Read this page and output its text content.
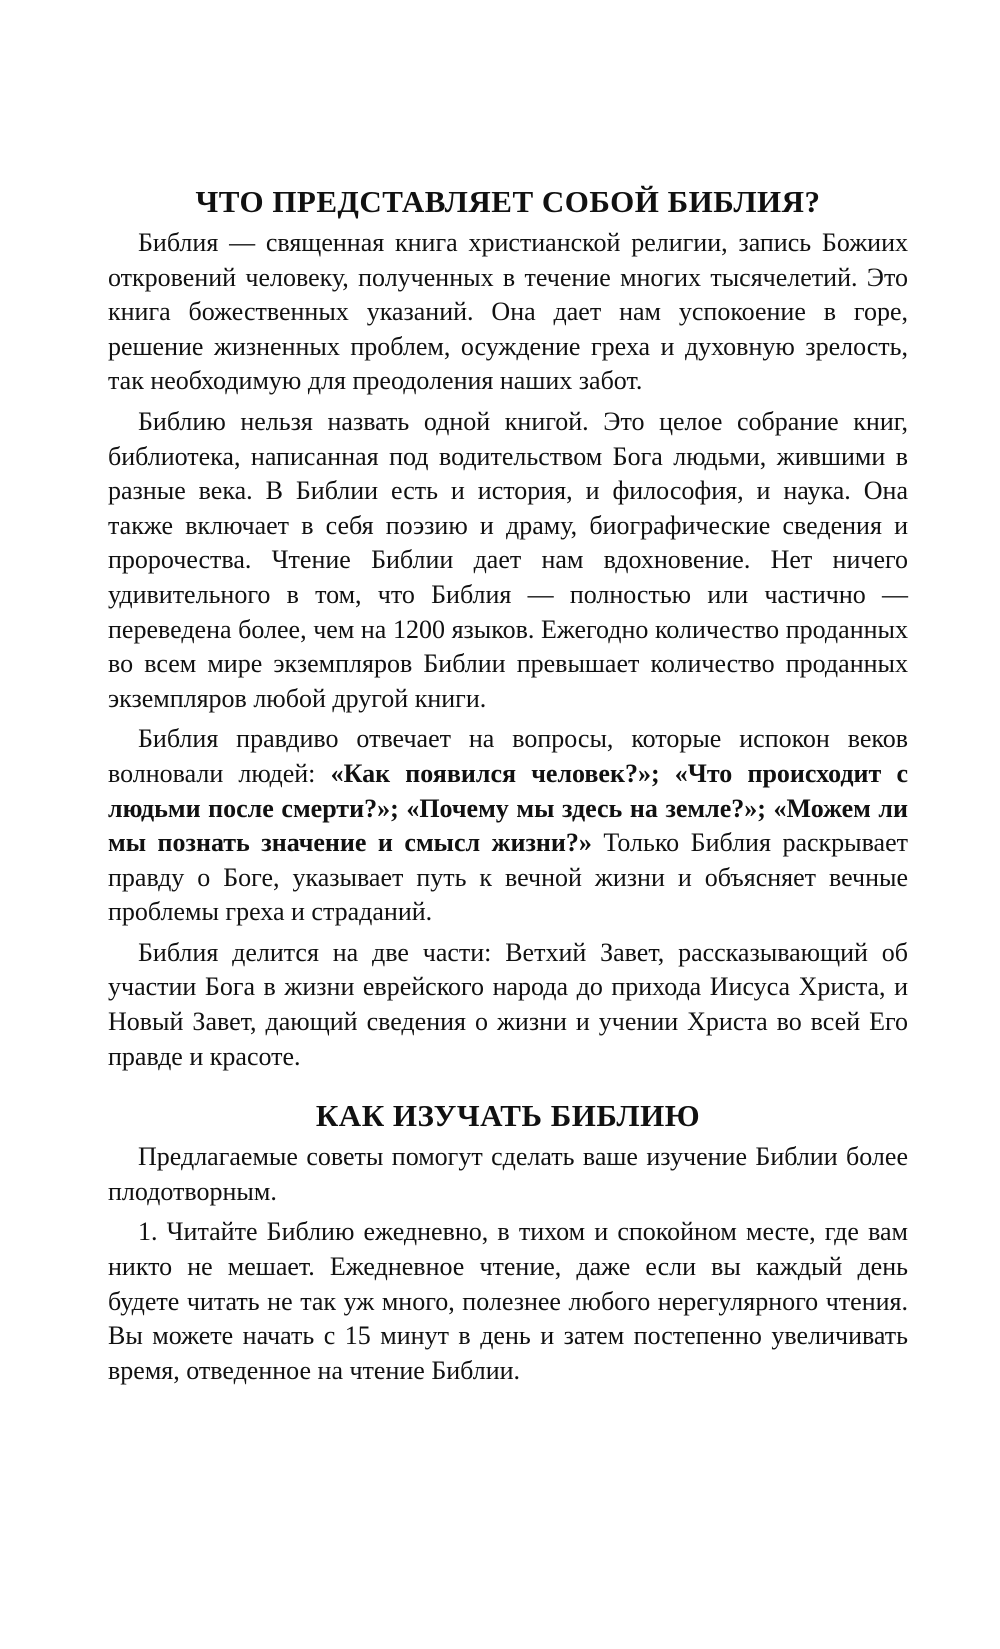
ЧТО ПРЕДСТАВЛЯЕТ СОБОЙ БИБЛИЯ?

Библия — священная книга христианской религии, запись Божиих откровений человеку, полученных в течение многих тысячелетий. Это книга божественных указаний. Она дает нам успокоение в горе, решение жизненных проблем, осуждение греха и духовную зрелость, так необходимую для преодоления наших забот.

Библию нельзя назвать одной книгой. Это целое собрание книг, библиотека, написанная под водительством Бога людьми, жившими в разные века. В Библии есть и история, и философия, и наука. Она также включает в себя поэзию и драму, биографические сведения и пророчества. Чтение Библии дает нам вдохновение. Нет ничего удивительного в том, что Библия — полностью или частично — переведена более, чем на 1200 языков. Ежегодно количество проданных во всем мире экземпляров Библии превышает количество проданных экземпляров любой другой книги.

Библия правдиво отвечает на вопросы, которые испокон веков волновали людей: «Как появился человек?»; «Что происходит с людьми после смерти?»; «Почему мы здесь на земле?»; «Можем ли мы познать значение и смысл жизни?» Только Библия раскрывает правду о Боге, указывает путь к вечной жизни и объясняет вечные проблемы греха и страданий.

Библия делится на две части: Ветхий Завет, рассказывающий об участии Бога в жизни еврейского народа до прихода Иисуса Христа, и Новый Завет, дающий сведения о жизни и учении Христа во всей Его правде и красоте.

КАК ИЗУЧАТЬ БИБЛИЮ

Предлагаемые советы помогут сделать ваше изучение Библии более плодотворным.

1. Читайте Библию ежедневно, в тихом и спокойном месте, где вам никто не мешает. Ежедневное чтение, даже если вы каждый день будете читать не так уж много, полезнее любого нерегулярного чтения. Вы можете начать с 15 минут в день и затем постепенно увеличивать время, отведенное на чтение Библии.
